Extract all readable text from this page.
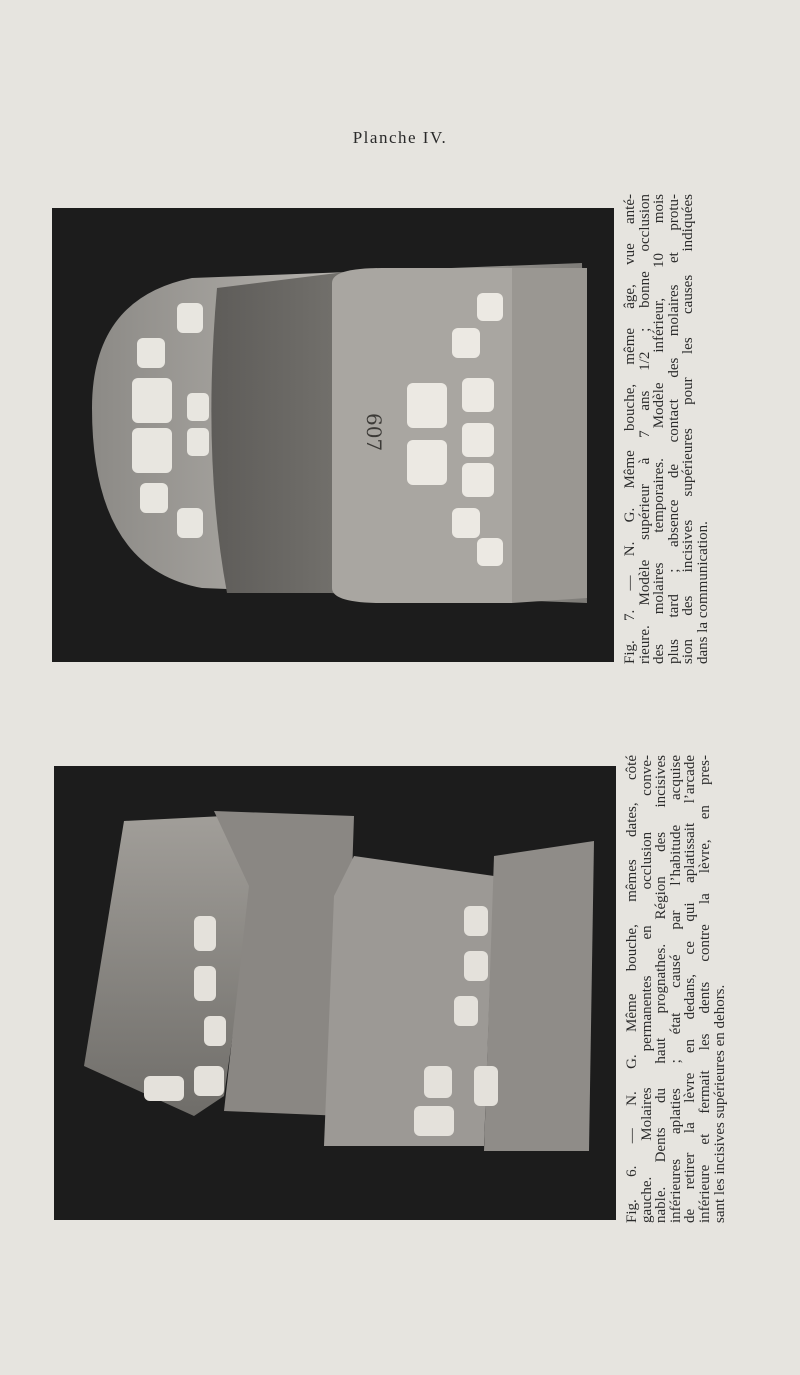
Planche IV.
607	Fig. 7. — N. G. Même bouche, même âge, vue anté-
rieure. Modèle supérieur à 7 ans 1/2 ; bonne occlusion
des molaires temporaires. Modèle inférieur, 10 mois
plus tard ; absence de contact des molaires et protu-
sion des incisives supérieures pour les causes indiquées
dans la communication.
Fig. 6. — N. G. Même bouche, mêmes dates, côté
gauche. Molaires permanentes en occlusion conve-
nable. Dents du haut prognathes. Région des incisives
inférieures aplaties ; état causé par l’habitude acquise
de retirer la lèvre en dedans, ce qui aplatissait l’arcade
inférieure et fermait les dents contre la lèvre, en pres-
sant les incisives supérieures en dehors.
